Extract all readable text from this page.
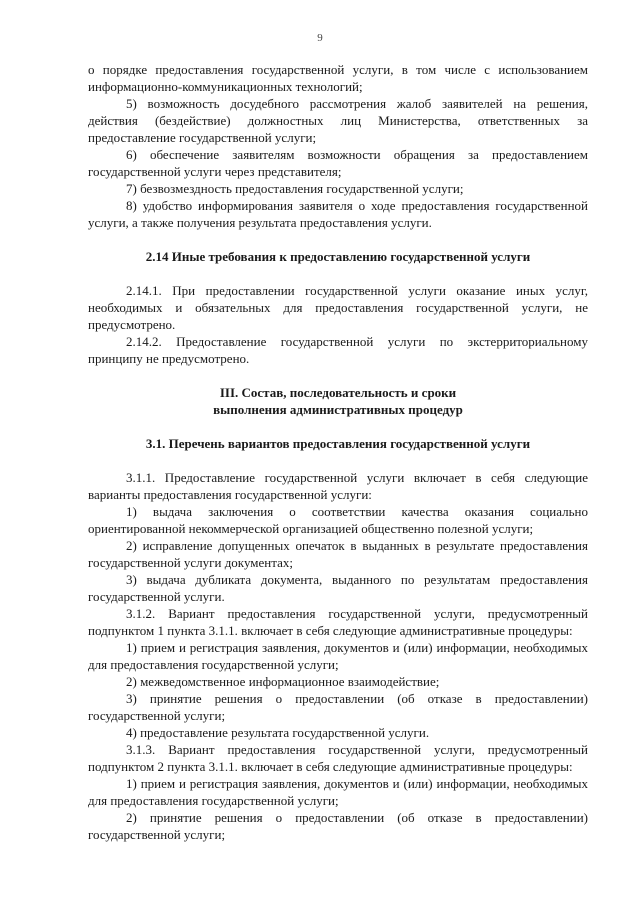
9

о порядке предоставления государственной услуги, в том числе с использованием информационно-коммуникационных технологий;

5) возможность досудебного рассмотрения жалоб заявителей на решения, действия (бездействие) должностных лиц Министерства, ответственных за предоставление государственной услуги;

6) обеспечение заявителям возможности обращения за предоставлением государственной услуги через представителя;

7) безвозмездность предоставления государственной услуги;

8) удобство информирования заявителя о ходе предоставления государственной услуги, а также получения результата предоставления услуги.

2.14 Иные требования к предоставлению государственной услуги

2.14.1. При предоставлении государственной услуги оказание иных услуг, необходимых и обязательных для предоставления государственной услуги, не предусмотрено.

2.14.2. Предоставление государственной услуги по экстерриториальному принципу не предусмотрено.

III. Состав, последовательность и сроки
выполнения административных процедур
3.1. Перечень вариантов предоставления государственной услуги

3.1.1. Предоставление государственной услуги включает в себя следующие варианты предоставления государственной услуги:

1) выдача заключения о соответствии качества оказания социально ориентированной некоммерческой организацией общественно полезной услуги;

2) исправление допущенных опечаток в выданных в результате предоставления государственной услуги документах;

3) выдача дубликата документа, выданного по результатам предоставления государственной услуги.

3.1.2. Вариант предоставления государственной услуги, предусмотренный подпунктом 1 пункта 3.1.1. включает в себя следующие административные процедуры:

1) прием и регистрация заявления, документов и (или) информации, необходимых для предоставления государственной услуги;

2) межведомственное информационное взаимодействие;

3) принятие решения о предоставлении (об отказе в предоставлении) государственной услуги;

4) предоставление результата государственной услуги.

3.1.3. Вариант предоставления государственной услуги, предусмотренный подпунктом 2 пункта 3.1.1. включает в себя следующие административные процедуры:

1) прием и регистрация заявления, документов и (или) информации, необходимых для предоставления государственной услуги;

2) принятие решения о предоставлении (об отказе в предоставлении) государственной услуги;
